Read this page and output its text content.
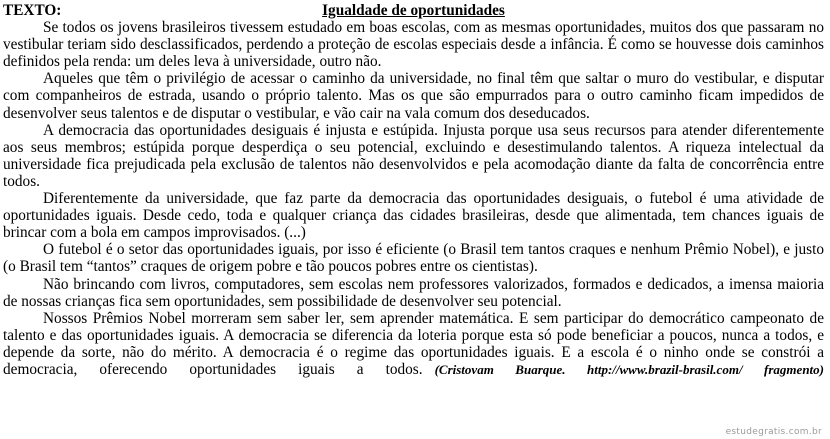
TEXTO:	Igualdade de oportunidades

Se todos os jovens brasileiros tivessem estudado em boas escolas, com as mesmas oportunidades, muitos dos que passaram no vestibular teriam sido desclassificados, perdendo a proteção de escolas especiais desde a infância. É como se houvesse dois caminhos definidos pela renda: um deles leva à universidade, outro não.

Aqueles que têm o privilégio de acessar o caminho da universidade, no final têm que saltar o muro do vestibular, e disputar com companheiros de estrada, usando o próprio talento. Mas os que são empurrados para o outro caminho ficam impedidos de desenvolver seus talentos e de disputar o vestibular, e vão cair na vala comum dos deseducados.

A democracia das oportunidades desiguais é injusta e estúpida. Injusta porque usa seus recursos para atender diferentemente aos seus membros; estúpida porque desperdiça o seu potencial, excluindo e desestimulando talentos. A riqueza intelectual da universidade fica prejudicada pela exclusão de talentos não desenvolvidos e pela acomodação diante da falta de concorrência entre todos.

Diferentemente da universidade, que faz parte da democracia das oportunidades desiguais, o futebol é uma atividade de oportunidades iguais. Desde cedo, toda e qualquer criança das cidades brasileiras, desde que alimentada, tem chances iguais de brincar com a bola em campos improvisados. (...)

O futebol é o setor das oportunidades iguais, por isso é eficiente (o Brasil tem tantos craques e nenhum Prêmio Nobel), e justo (o Brasil tem “tantos” craques de origem pobre e tão poucos pobres entre os cientistas).

Não brincando com livros, computadores, sem escolas nem professores valorizados, formados e dedicados, a imensa maioria de nossas crianças fica sem oportunidades, sem possibilidade de desenvolver seu potencial.

Nossos Prêmios Nobel morreram sem saber ler, sem aprender matemática. E sem participar do democrático campeonato de talento e das oportunidades iguais. A democracia se diferencia da loteria porque esta só pode beneficiar a poucos, nunca a todos, e depende da sorte, não do mérito. A democracia é o regime das oportunidades iguais. E a escola é o ninho onde se constrói a democracia, oferecendo oportunidades iguais a todos. (Cristovam Buarque. http://www.brazil-brasil.com/ fragmento)

estudegratis.com.br
